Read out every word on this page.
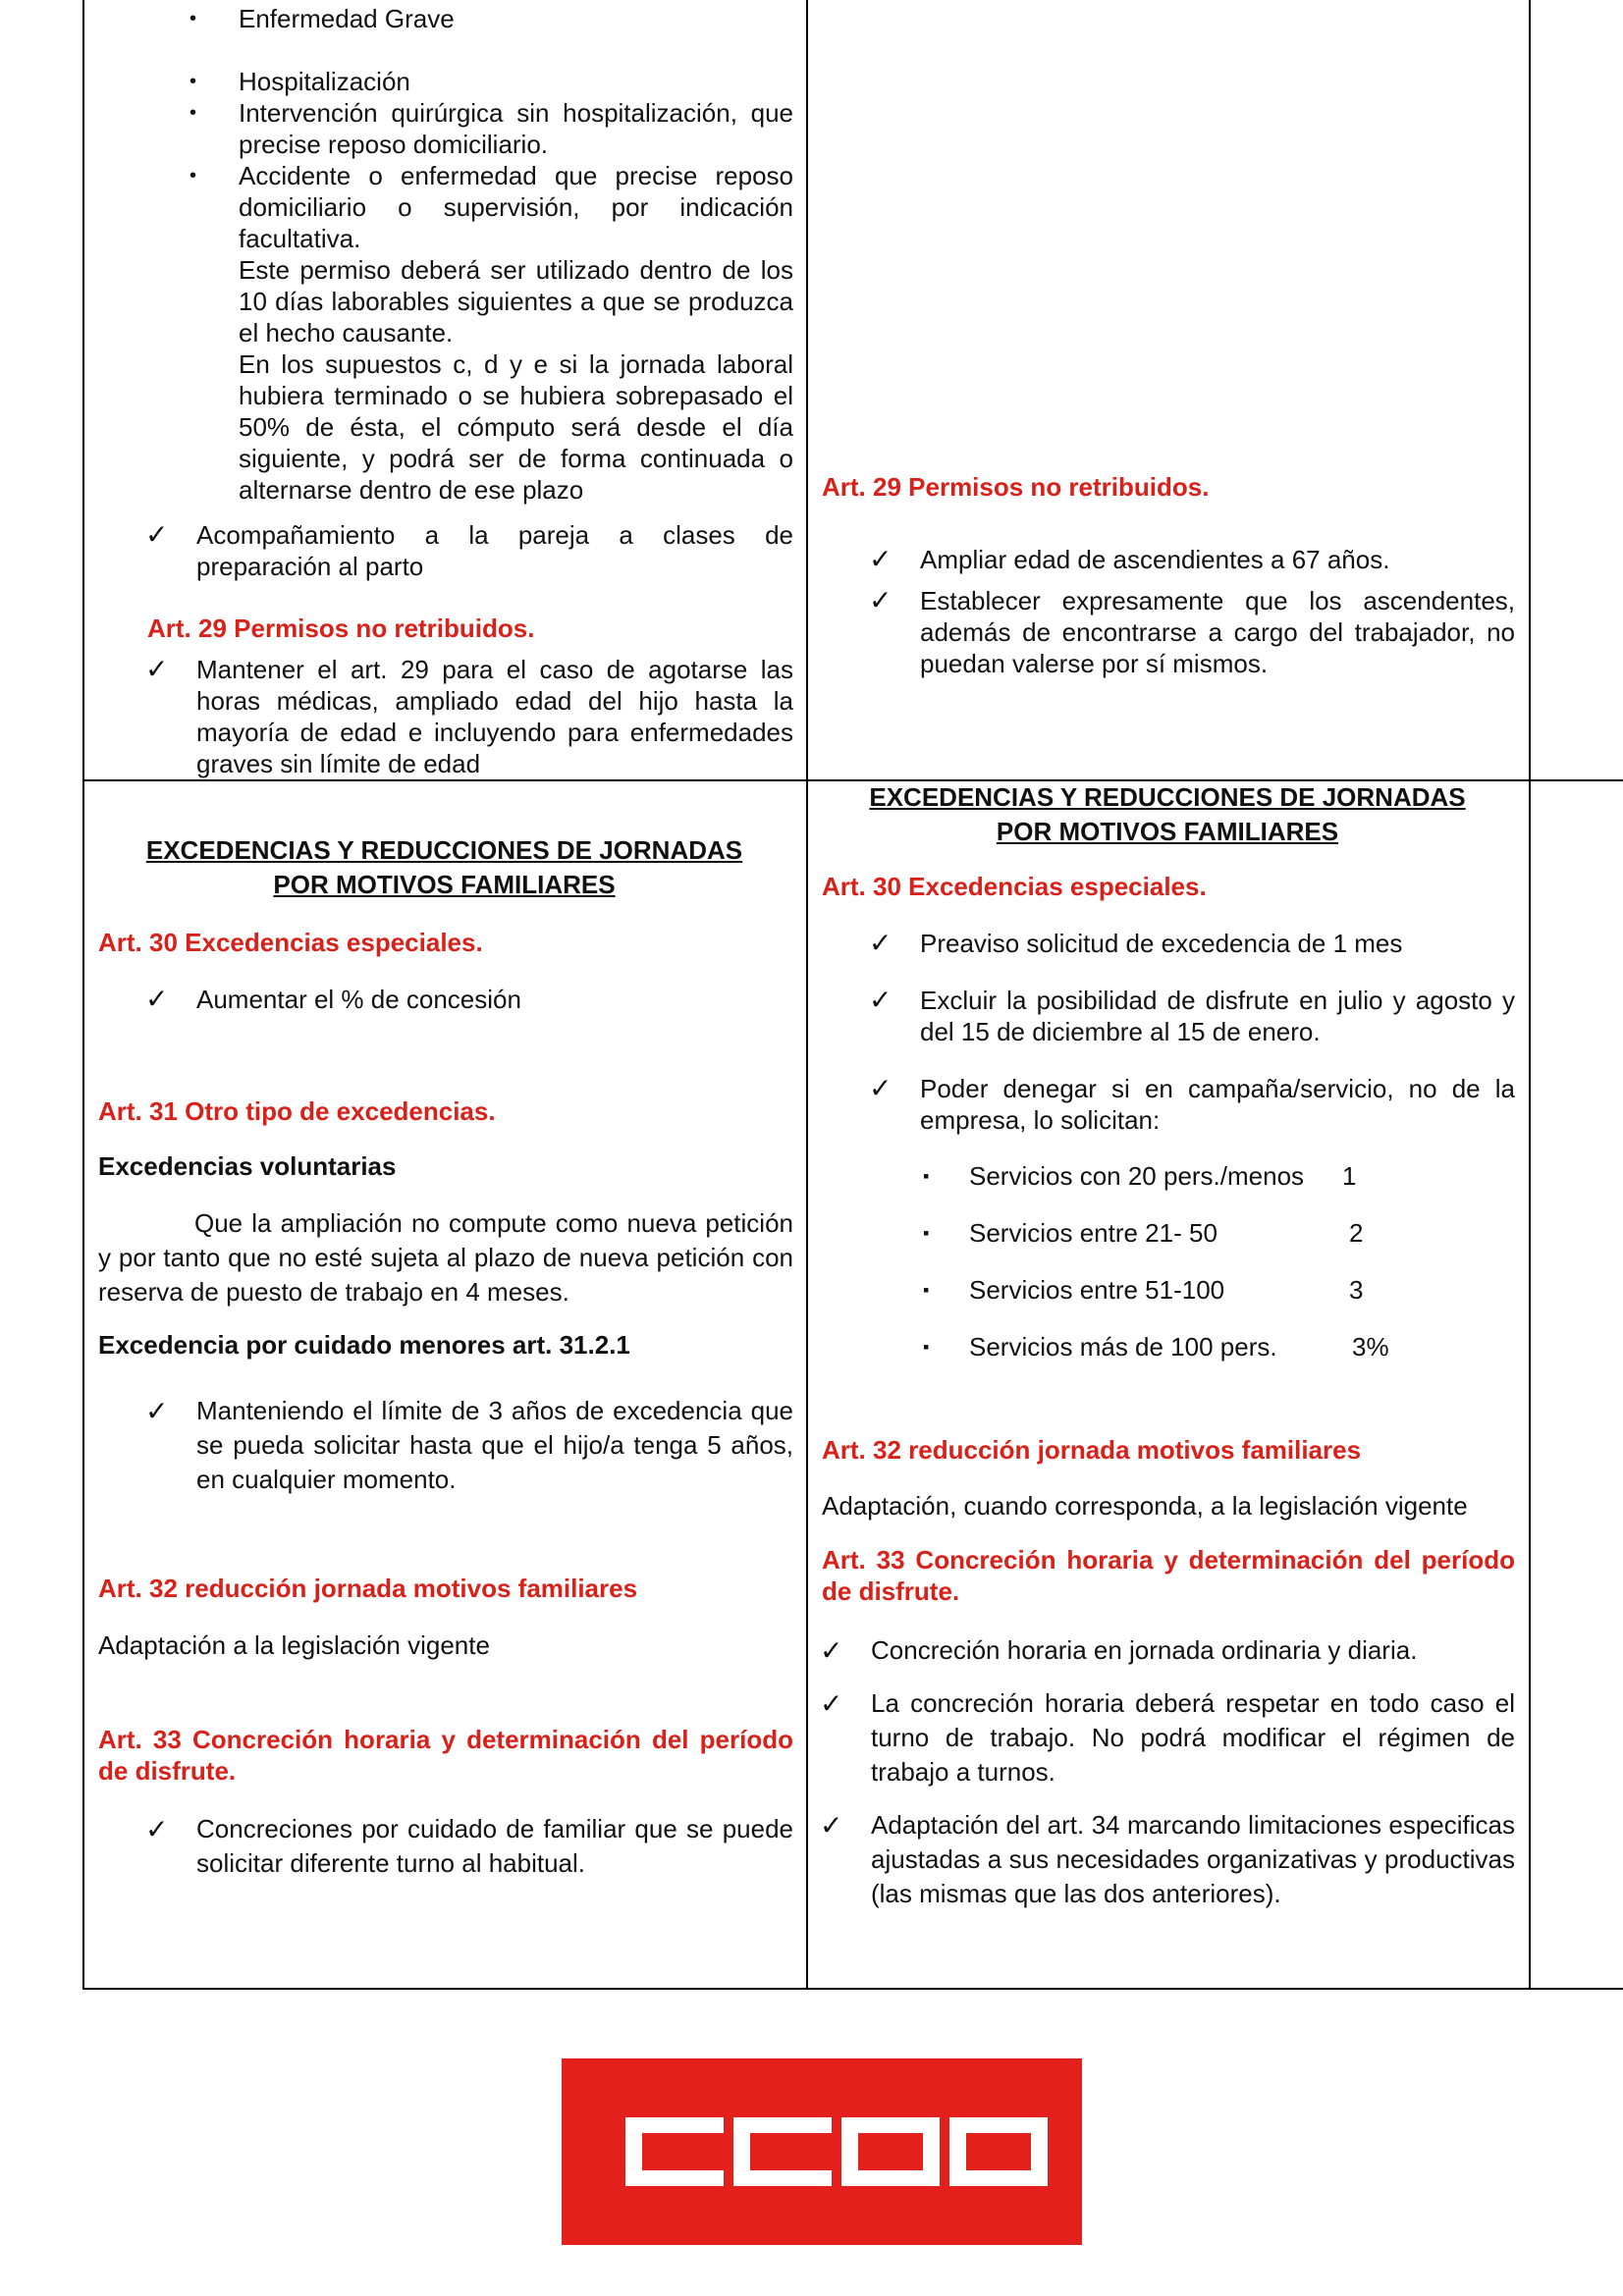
• Enfermedad Grave
• Hospitalización
• Intervención quirúrgica sin hospitalización, que precise reposo domiciliario.
• Accidente o enfermedad que precise reposo domiciliario o supervisión, por indicación facultativa.

Este permiso deberá ser utilizado dentro de los 10 días laborables siguientes a que se produzca el hecho causante.

En los supuestos c, d y e si la jornada laboral hubiera terminado o se hubiera sobrepasado el 50% de ésta, el cómputo será desde el día siguiente, y podrá ser de forma continuada o alternarse dentro de ese plazo

✓ Acompañamiento a la pareja a clases de preparación al parto
Art. 29 Permisos no retribuidos.
✓ Mantener el art. 29 para el caso de agotarse las horas médicas, ampliado edad del hijo hasta la mayoría de edad e incluyendo para enfermedades graves sin límite de edad
Art. 29 Permisos no retribuidos.
✓ Ampliar edad de ascendientes a 67 años.
✓ Establecer expresamente que los ascendentes, además de encontrarse a cargo del trabajador, no puedan valerse por sí mismos.
EXCEDENCIAS Y REDUCCIONES DE JORNADAS
POR MOTIVOS FAMILIARES
Art. 30 Excedencias especiales.
✓ Aumentar el % de concesión
Art. 31 Otro tipo de excedencias.
Excedencias voluntarias
Que la ampliación no compute como nueva petición y por tanto que no esté sujeta al plazo de nueva petición con reserva de puesto de trabajo en 4 meses.
Excedencia por cuidado menores art. 31.2.1
✓ Manteniendo el límite de 3 años de excedencia que se pueda solicitar hasta que el hijo/a tenga 5 años, en cualquier momento.
Art. 32 reducción jornada motivos familiares
Adaptación a la legislación vigente
Art. 33 Concreción horaria y determinación del período de disfrute.
✓ Concreciones por cuidado de familiar que se puede solicitar diferente turno al habitual.
EXCEDENCIAS Y REDUCCIONES DE JORNADAS
POR MOTIVOS FAMILIARES
Art. 30 Excedencias especiales.
✓ Preaviso solicitud de excedencia de 1 mes
✓ Excluir la posibilidad de disfrute en julio y agosto y del 15 de diciembre al 15 de enero.
✓ Poder denegar si en campaña/servicio, no de la empresa, lo solicitan:
▪ Servicios con 20 pers./menos 1
▪ Servicios entre 21- 50	2
▪ Servicios entre 51-100	3
▪ Servicios más de 100 pers.	3%
Art. 32 reducción jornada motivos familiares
Adaptación, cuando corresponda, a la legislación vigente
Art. 33 Concreción horaria y determinación del período de disfrute.
✓ Concreción horaria en jornada ordinaria y diaria.
✓ La concreción horaria deberá respetar en todo caso el turno de trabajo. No podrá modificar el régimen de trabajo a turnos.
✓ Adaptación del art. 34 marcando limitaciones especificas ajustadas a sus necesidades organizativas y productivas (las mismas que las dos anteriores).
